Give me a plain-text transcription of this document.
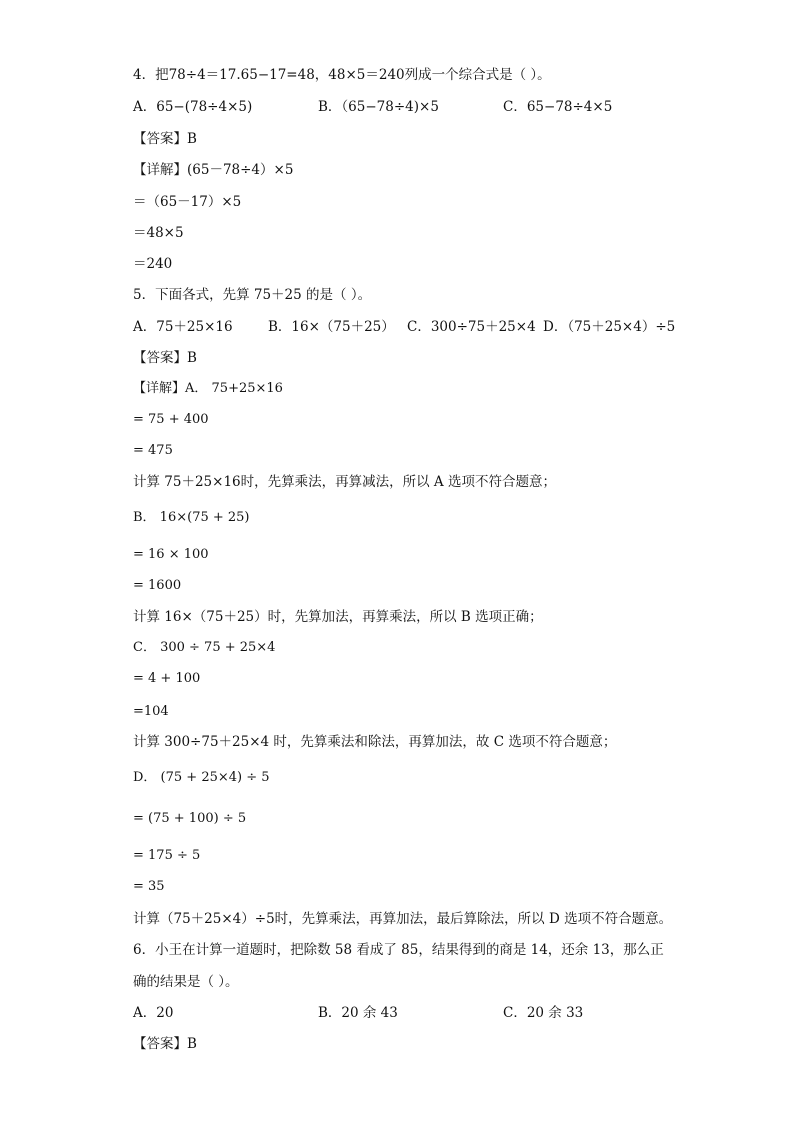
4．把78÷4＝17.65−17=48，48×5＝240列成一个综合式是（ ）。
A．65−(78÷4×5)	B．（65−78÷4)×5	C．65−78÷4×5
【答案】B
【详解】(65－78÷4）×5
＝（65－17）×5
＝48×5
＝240
5．下面各式，先算 75＋25 的是（ ）。
A．75＋25×16	B．16×（75＋25） C．300÷75＋25×4 D．（75＋25×4）÷5
【答案】B
【详解】A． 75+25×16
= 75 + 400
= 475
计算 75＋25×16时，先算乘法，再算减法，所以 A 选项不符合题意；
B． 16×(75 + 25)
= 16 × 100
= 1600
计算 16×（75＋25）时，先算加法，再算乘法，所以 B 选项正确；
C． 300 ÷ 75 + 25×4
= 4 + 100
=104
计算 300÷75＋25×4 时，先算乘法和除法，再算加法，故 C 选项不符合题意；
D． (75 + 25×4) ÷ 5
= (75 + 100) ÷ 5
= 175 ÷ 5
= 35
计算（75＋25×4）÷5时，先算乘法，再算加法，最后算除法，所以 D 选项不符合题意。
6．小王在计算一道题时，把除数 58 看成了 85，结果得到的商是 14，还余 13，那么正
确的结果是（ ）。
A．20	B．20 余 43	C．20 余 33
【答案】B
